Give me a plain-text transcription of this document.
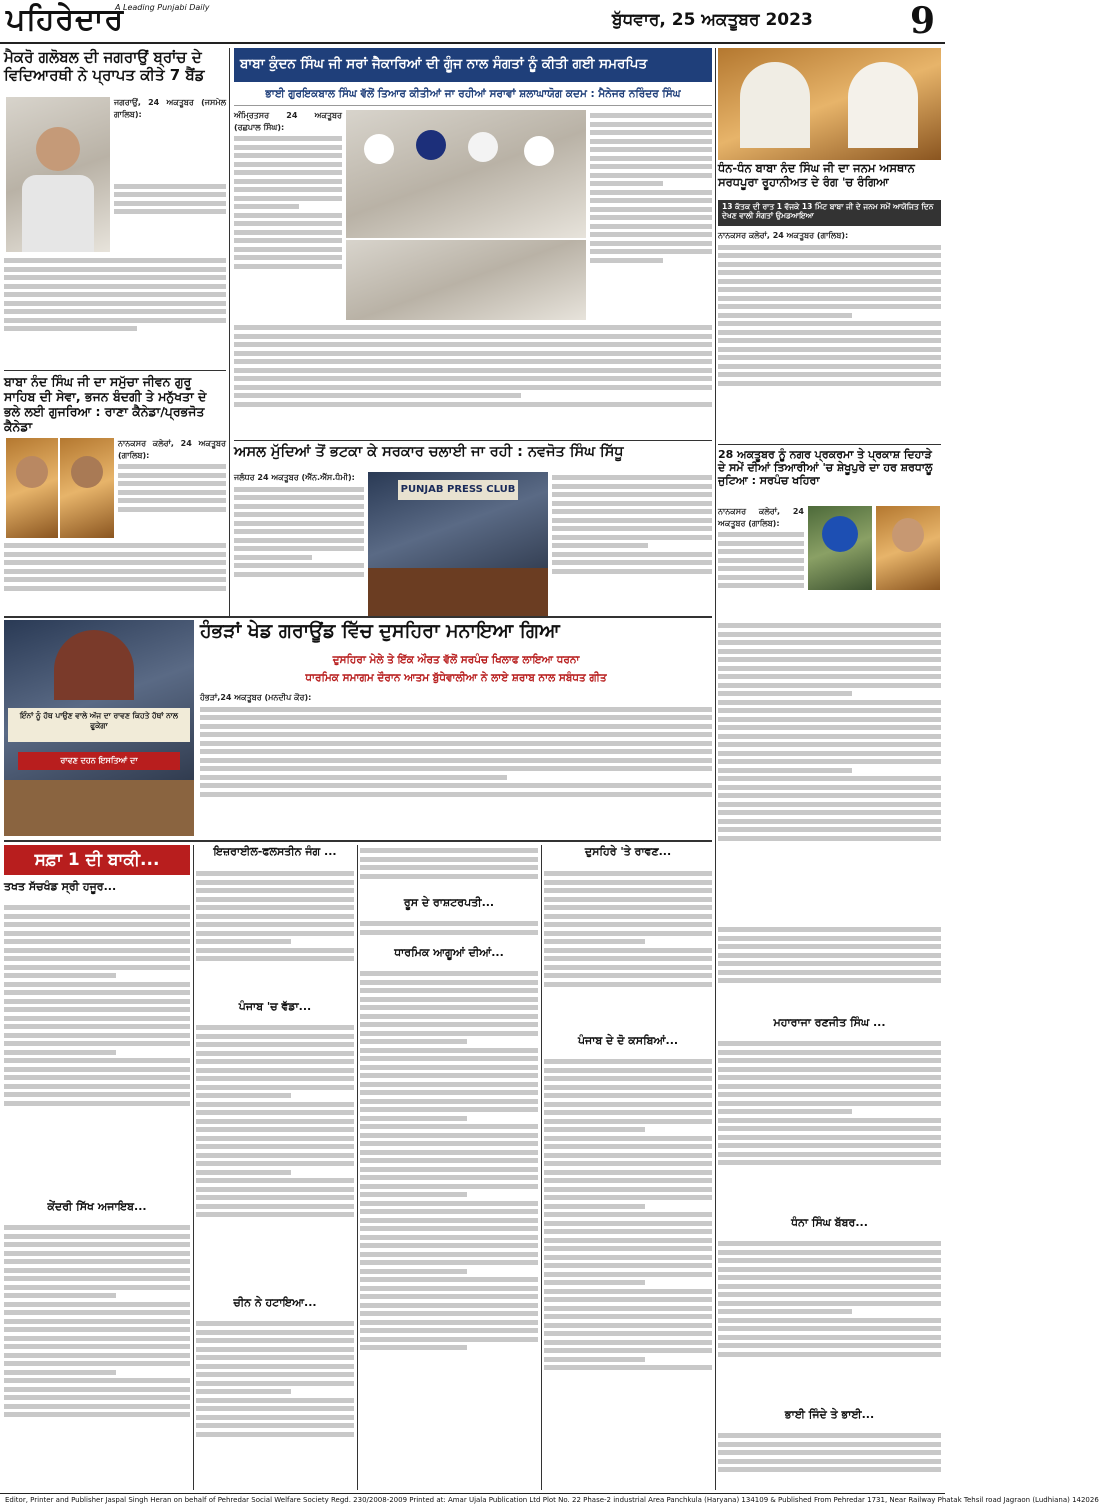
ਪਹਿਰੇਦਾਰ
A Leading Punjabi Daily
ਬੁੱਧਵਾਰ, 25 ਅਕਤੂਬਰ 2023	9
ਮੈਕਰੋ ਗਲੋਬਲ ਦੀ ਜਗਰਾਉਂ ਬ੍ਰਾਂਚ ਦੇ ਵਿਦਿਆਰਥੀ ਨੇ ਪ੍ਰਾਪਤ ਕੀਤੇ 7 ਬੈਂਡ

ਜਗਰਾਉਂ, 24 ਅਕਤੂਬਰ (ਜਸਮੇਲ ਗਾਲਿਬ):

ਬਾਬਾ ਨੰਦ ਸਿੰਘ ਜੀ ਦਾ ਸਮੁੱਚਾ ਜੀਵਨ ਗੁਰੂ ਸਾਹਿਬ ਦੀ ਸੇਵਾ, ਭਜਨ ਬੰਦਗੀ ਤੇ ਮਨੁੱਖਤਾ ਦੇ ਭਲੇ ਲਈ ਗੁਜਰਿਆ : ਰਾਣਾ ਕੈਨੇਡਾ/ਪ੍ਰਭਜੋਤ ਕੈਨੇਡਾ

ਨਾਨਕਸਰ ਕਲੇਰਾਂ, 24 ਅਕਤੂਬਰ (ਗਾਲਿਬ):

ਬਾਬਾ ਕੁੰਦਨ ਸਿੰਘ ਜੀ ਸਰਾਂ ਜੈਕਾਰਿਆਂ ਦੀ ਗੂੰਜ ਨਾਲ ਸੰਗਤਾਂ ਨੂੰ ਕੀਤੀ ਗਈ ਸਮਰਪਿਤ
ਭਾਈ ਗੁਰਇਕਬਾਲ ਸਿੰਘ ਵੱਲੋਂ ਤਿਆਰ ਕੀਤੀਆਂ ਜਾ ਰਹੀਆਂ ਸਰਾਵਾਂ ਸ਼ਲਾਘਾਯੋਗ ਕਦਮ : ਮੈਨੇਜਰ ਨਰਿੰਦਰ ਸਿੰਘ

ਅੰਮ੍ਰਿਤਸਰ 24 ਅਕਤੂਬਰ (ਰਛਪਾਲ ਸਿੰਘ):

ਧੰਨ-ਧੰਨ ਬਾਬਾ ਨੰਦ ਸਿੰਘ ਜੀ ਦਾ ਜਨਮ ਅਸਥਾਨ ਸਰਧਪੂਰਾ ਰੂਹਾਨੀਅਤ ਦੇ ਰੰਗ 'ਚ ਰੰਗਿਆ
13 ਕੱਤਕ ਦੀ ਰਾਤ 1 ਵੱਜਕੇ 13 ਮਿੰਟ ਬਾਬਾ ਜੀ ਦੇ ਜਨਮ ਸਮੇਂ ਆਯੋਜਿਤ ਦਿਨ ਦੇਖਣ ਵਾਲੀ ਸੰਗਤਾਂ ਉਮਡਆਇਆ

ਨਾਨਕਸਰ ਕਲੇਰਾਂ, 24 ਅਕਤੂਬਰ (ਗਾਲਿਬ):

ਅਸਲ ਮੁੱਦਿਆਂ ਤੋਂ ਭਟਕਾ ਕੇ ਸਰਕਾਰ ਚਲਾਈ ਜਾ ਰਹੀ : ਨਵਜੋਤ ਸਿੰਘ ਸਿੱਧੂ

ਜਲੰਧਰ 24 ਅਕਤੂਬਰ (ਐੱਨ.ਐੱਸ.ਧੰਮੀ):

PUNJAB PRESS CLUB
28 ਅਕਤੂਬਰ ਨੂੰ ਨਗਰ ਪ੍ਰਕਰਮਾ ਤੇ ਪ੍ਰਕਾਸ਼ ਦਿਹਾੜੇ ਦੇ ਸਮੇਂ ਦੀਆਂ ਤਿਆਰੀਆਂ 'ਚ ਸ਼ੇਖੂਪੁਰੇ ਦਾ ਹਰ ਸ਼ਰਧਾਲੂ ਜੁਟਿਆ : ਸਰਪੰਚ ਖਹਿਰਾ

ਨਾਨਕਸਰ ਕਲੇਰਾਂ, 24 ਅਕਤੂਬਰ (ਗਾਲਿਬ):

ਇੰਨਾਂ ਨੂੰ ਹੱਥ ਪਾਉਣ ਵਾਲੇ ਅੱਜ ਦਾ ਰਾਵਣ ਕਿਹਤੇ ਹੱਥਾਂ ਨਾਲ ਫੂਕੇਗਾ
ਰਾਵਣ ਦਹਨ ਇਸਤਿਆਂ ਦਾ
ਹੰਭੜਾਂ ਖੇਡ ਗਰਾਊਂਡ ਵਿੱਚ ਦੁਸਹਿਰਾ ਮਨਾਇਆ ਗਿਆ
ਦੁਸਹਿਰਾ ਮੇਲੇ ਤੇ ਇੱਕ ਔਰਤ ਵੱਲੋਂ ਸਰਪੰਚ ਖਿਲਾਫ ਲਾਇਆ ਧਰਨਾ
ਧਾਰਮਿਕ ਸਮਾਗਮ ਦੌਰਾਨ ਆਤਮ ਬੁੱਧੇਵਾਲੀਆ ਨੇ ਲਾਏ ਸ਼ਰਾਬ ਨਾਲ ਸਬੰਧਤ ਗੀਤ

ਹੰਭੜਾਂ,24 ਅਕਤੂਬਰ (ਮਨਦੀਪ ਕੌਰ):

ਸਫ਼ਾ 1 ਦੀ ਬਾਕੀ...
ਤਖਤ ਸੱਚਖੰਡ ਸ੍ਰੀ ਹਜੂਰ...
ਕੇਂਦਰੀ ਸਿੱਖ ਅਜਾਇਬ...
ਇਜ਼ਰਾਈਲ-ਫਲਸਤੀਨ ਜੰਗ ...
ਪੰਜਾਬ 'ਚ ਵੱਡਾ...
ਚੀਨ ਨੇ ਹਟਾਇਆ...
ਰੂਸ ਦੇ ਰਾਸ਼ਟਰਪਤੀ...
ਧਾਰਮਿਕ ਆਗੂਆਂ ਦੀਆਂ...
ਦੁਸਹਿਰੇ 'ਤੇ ਰਾਵਣ...
ਪੰਜਾਬ ਦੇ ਦੋ ਕਸਬਿਆਂ...
ਮਹਾਰਾਜਾ ਰਣਜੀਤ ਸਿੰਘ ...
ਧੰਨਾ ਸਿੰਘ ਬੱਬਰ...
ਭਾਈ ਜਿੰਦੇ ਤੇ ਭਾਈ...
Editor, Printer and Publisher Jaspal Singh Heran on behalf of Pehredar Social Welfare Society Regd. 230/2008-2009 Printed at: Amar Ujala Publication Ltd Plot No. 22 Phase-2 industrial Area Panchkula (Haryana) 134109 & Published From Pehredar 1731, Near Railway Phatak Tehsil road Jagraon (Ludhiana) 142026
